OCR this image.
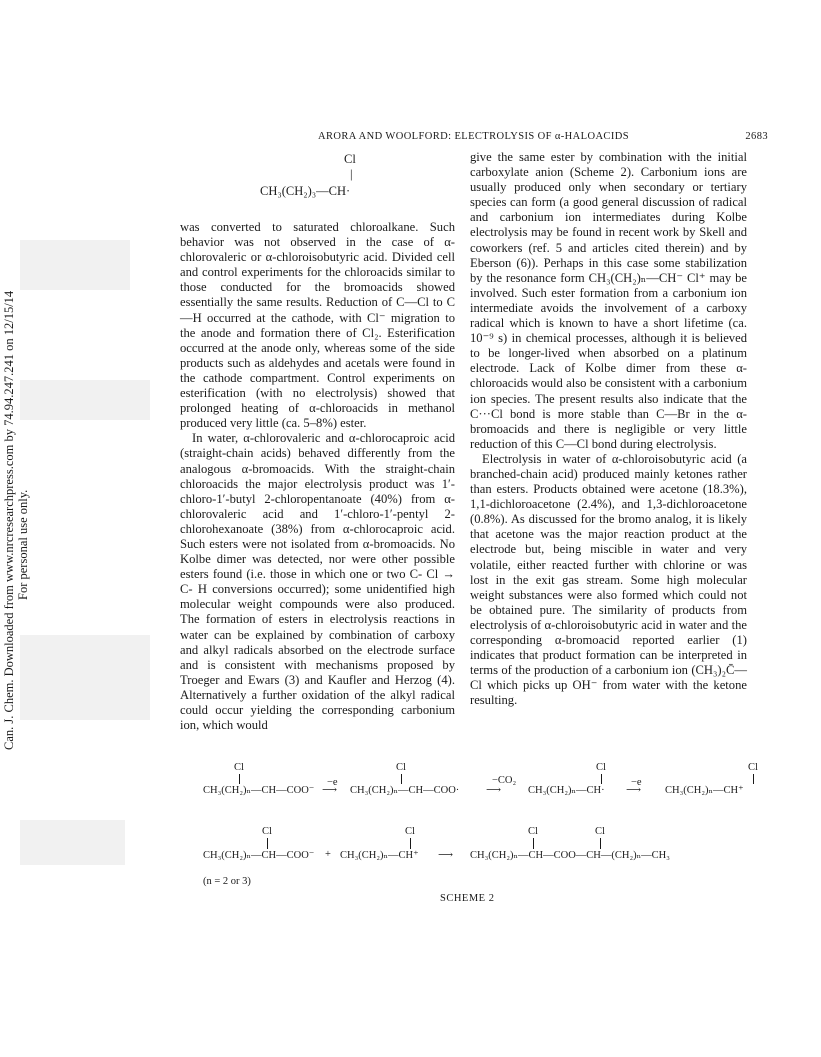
ARORA AND WOOLFORD: ELECTROLYSIS OF α-HALOACIDS	2683
Can. J. Chem. Downloaded from www.nrcresearchpress.com by 74.94.247.241 on 12/15/14 For personal use only.
Cl
|
CH₃(CH₂)₃—CH·

was converted to saturated chloroalkane. Such behavior was not observed in the case of α-chlorovaleric or α-chloroisobutyric acid. Divided cell and control experiments for the chloroacids similar to those conducted for the bromoacids showed essentially the same results. Reduction of C—Cl to C—H occurred at the cathode, with Cl⁻ migration to the anode and formation there of Cl₂. Esterification occurred at the anode only, whereas some of the side products such as aldehydes and acetals were found in the cathode compartment. Control experiments on esterification (with no electrolysis) showed that prolonged heating of α-chloroacids in methanol produced very little (ca. 5–8%) ester.

In water, α-chlorovaleric and α-chlorocaproic acid (straight-chain acids) behaved differently from the analogous α-bromoacids. With the straight-chain chloroacids the major electrolysis product was 1′-chloro-1′-butyl 2-chloropentanoate (40%) from α-chlorovaleric acid and 1′-chloro-1′-pentyl 2-chlorohexanoate (38%) from α-chlorocaproic acid. Such esters were not isolated from α-bromoacids. No Kolbe dimer was detected, nor were other possible esters found (i.e. those in which one or two C- Cl → C- H conversions occurred); some unidentified high molecular weight compounds were also produced. The formation of esters in electrolysis reactions in water can be explained by combination of carboxy and alkyl radicals absorbed on the electrode surface and is consistent with mechanisms proposed by Troeger and Ewars (3) and Kaufler and Herzog (4). Alternatively a further oxidation of the alkyl radical could occur yielding the corresponding carbonium ion, which would

give the same ester by combination with the initial carboxylate anion (Scheme 2). Carbonium ions are usually produced only when secondary or tertiary species can form (a good general discussion of radical and carbonium ion intermediates during Kolbe electrolysis may be found in recent work by Skell and coworkers (ref. 5 and articles cited therein) and by Eberson (6)). Perhaps in this case some stabilization by the resonance form CH₃(CH₂)ₙ—CH⁻ Cl⁺ may be involved. Such ester formation from a carbonium ion intermediate avoids the involvement of a carboxy radical which is known to have a short lifetime (ca. 10⁻⁹ s) in chemical processes, although it is believed to be longer-lived when absorbed on a platinum electrode. Lack of Kolbe dimer from these α-chloroacids would also be consistent with a carbonium ion species. The present results also indicate that the C···Cl bond is more stable than C—Br in the α-bromoacids and there is negligible or very little reduction of this C—Cl bond during electrolysis.

Electrolysis in water of α-chloroisobutyric acid (a branched-chain acid) produced mainly ketones rather than esters. Products obtained were acetone (18.3%), 1,1-dichloroacetone (2.4%), and 1,3-dichloroacetone (0.8%). As discussed for the bromo analog, it is likely that acetone was the major reaction product at the electrode but, being miscible in water and very volatile, either reacted further with chlorine or was lost in the exit gas stream. Some high molecular weight substances were also formed which could not be obtained pure. The similarity of products from electrolysis of α-chloroisobutyric acid in water and the corresponding α-bromoacid reported earlier (1) indicates that product formation can be interpreted in terms of the production of a carbonium ion (CH₃)₂C̄—Cl which picks up OH⁻ from water with the ketone resulting.

Cl
CH₃(CH₂)ₙ—CH—COO⁻
−e
⟶
Cl
CH₃(CH₂)ₙ—CH—COO·
−CO₂
⟶
Cl
CH₃(CH₂)ₙ—CH·
−e
⟶
Cl
CH₃(CH₂)ₙ—CH⁺
Cl
CH₃(CH₂)ₙ—CH—COO⁻ +
Cl
CH₃(CH₂)ₙ—CH⁺ ⟶
Cl	Cl
CH₃(CH₂)ₙ—CH—COO—CH—(CH₂)ₙ—CH₃
(n = 2 or 3)
SCHEME 2
